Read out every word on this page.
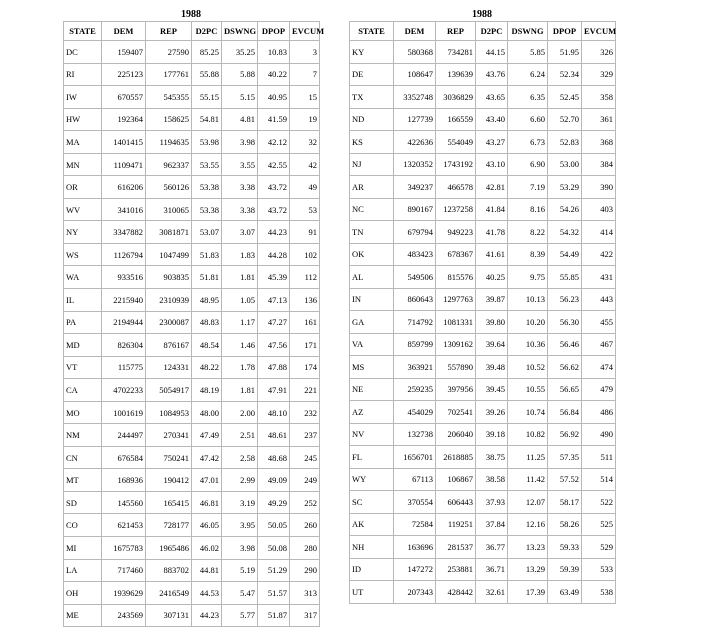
1988
STATE	DEM	REP	D2PC	DSWNG	DPOP	EVCUM
DC	159407	27590	85.25	35.25	10.83	3
RI	225123	177761	55.88	5.88	40.22	7
IW	670557	545355	55.15	5.15	40.95	15
HW	192364	158625	54.81	4.81	41.59	19
MA	1401415	1194635	53.98	3.98	42.12	32
MN	1109471	962337	53.55	3.55	42.55	42
OR	616206	560126	53.38	3.38	43.72	49
WV	341016	310065	53.38	3.38	43.72	53
NY	3347882	3081871	53.07	3.07	44.23	91
WS	1126794	1047499	51.83	1.83	44.28	102
WA	933516	903835	51.81	1.81	45.39	112
IL	2215940	2310939	48.95	1.05	47.13	136
PA	2194944	2300087	48.83	1.17	47.27	161
MD	826304	876167	48.54	1.46	47.56	171
VT	115775	124331	48.22	1.78	47.88	174
CA	4702233	5054917	48.19	1.81	47.91	221
MO	1001619	1084953	48.00	2.00	48.10	232
NM	244497	270341	47.49	2.51	48.61	237
CN	676584	750241	47.42	2.58	48.68	245
MT	168936	190412	47.01	2.99	49.09	249
SD	145560	165415	46.81	3.19	49.29	252
CO	621453	728177	46.05	3.95	50.05	260
MI	1675783	1965486	46.02	3.98	50.08	280
LA	717460	883702	44.81	5.19	51.29	290
OH	1939629	2416549	44.53	5.47	51.57	313
ME	243569	307131	44.23	5.77	51.87	317
1988
STATE	DEM	REP	D2PC	DSWNG	DPOP	EVCUM
KY	580368	734281	44.15	5.85	51.95	326
DE	108647	139639	43.76	6.24	52.34	329
TX	3352748	3036829	43.65	6.35	52.45	358
ND	127739	166559	43.40	6.60	52.70	361
KS	422636	554049	43.27	6.73	52.83	368
NJ	1320352	1743192	43.10	6.90	53.00	384
AR	349237	466578	42.81	7.19	53.29	390
NC	890167	1237258	41.84	8.16	54.26	403
TN	679794	949223	41.78	8.22	54.32	414
OK	483423	678367	41.61	8.39	54.49	422
AL	549506	815576	40.25	9.75	55.85	431
IN	860643	1297763	39.87	10.13	56.23	443
GA	714792	1081331	39.80	10.20	56.30	455
VA	859799	1309162	39.64	10.36	56.46	467
MS	363921	557890	39.48	10.52	56.62	474
NE	259235	397956	39.45	10.55	56.65	479
AZ	454029	702541	39.26	10.74	56.84	486
NV	132738	206040	39.18	10.82	56.92	490
FL	1656701	2618885	38.75	11.25	57.35	511
WY	67113	106867	38.58	11.42	57.52	514
SC	370554	606443	37.93	12.07	58.17	522
AK	72584	119251	37.84	12.16	58.26	525
NH	163696	281537	36.77	13.23	59.33	529
ID	147272	253881	36.71	13.29	59.39	533
UT	207343	428442	32.61	17.39	63.49	538
